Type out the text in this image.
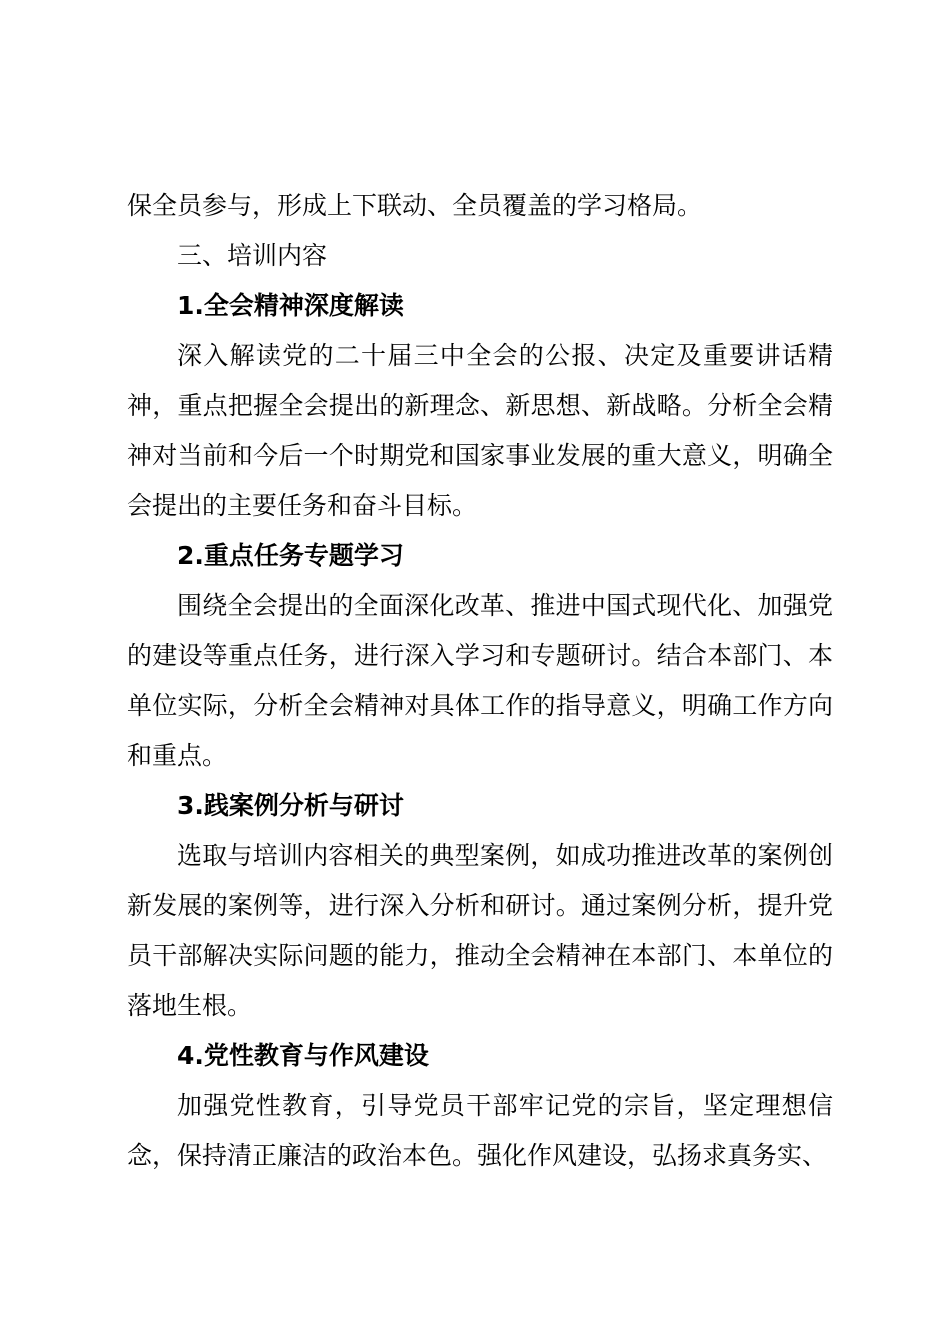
保全员参与，形成上下联动、全员覆盖的学习格局。

三、培训内容

1.全会精神深度解读

深入解读党的二十届三中全会的公报、决定及重要讲话精神，重点把握全会提出的新理念、新思想、新战略。分析全会精神对当前和今后一个时期党和国家事业发展的重大意义，明确全会提出的主要任务和奋斗目标。

2.重点任务专题学习

围绕全会提出的全面深化改革、推进中国式现代化、加强党的建设等重点任务，进行深入学习和专题研讨。结合本部门、本单位实际，分析全会精神对具体工作的指导意义，明确工作方向和重点。

3.践案例分析与研讨

选取与培训内容相关的典型案例，如成功推进改革的案例创新发展的案例等，进行深入分析和研讨。通过案例分析，提升党员干部解决实际问题的能力，推动全会精神在本部门、本单位的落地生根。

4.党性教育与作风建设

加强党性教育，引导党员干部牢记党的宗旨，坚定理想信念，保持清正廉洁的政治本色。强化作风建设，弘扬求真务实、
